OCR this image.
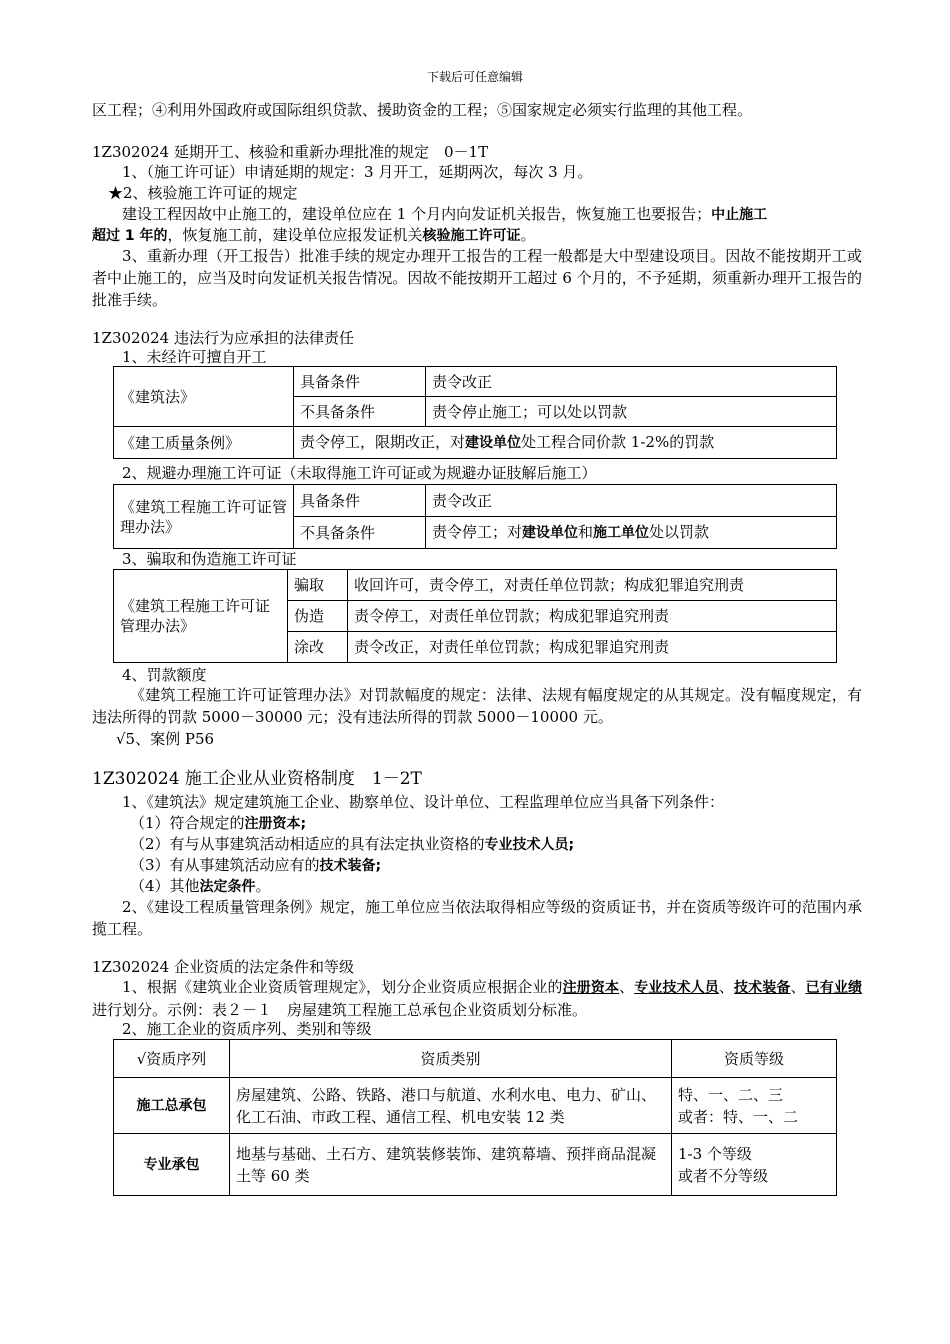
下载后可任意编辑
区工程；④利用外国政府或国际组织贷款、援助资金的工程；⑤国家规定必须实行监理的其他工程。
1Z302024 延期开工、核验和重新办理批准的规定　0－1T
1、（施工许可证）申请延期的规定：3 月开工，延期两次，每次 3 月。
★2、核验施工许可证的规定
建设工程因故中止施工的，建设单位应在 1 个月内向发证机关报告，恢复施工也要报告；中止施工
超过 1 年的，恢复施工前，建设单位应报发证机关核验施工许可证。
3、重新办理（开工报告）批准手续的规定办理开工报告的工程一般都是大中型建设项目。因故不能按期开工或者中止施工的，应当及时向发证机关报告情况。因故不能按期开工超过 6 个月的，不予延期，须重新办理开工报告的批准手续。
1Z302024 违法行为应承担的法律责任
1、未经许可擅自开工
《建筑法》	具备条件	责令改正
	不具备条件	责令停止施工；可以处以罚款
《建工质量条例》	责令停工，限期改正，对建设单位处工程合同价款 1-2%的罚款	
2、规避办理施工许可证（未取得施工许可证或为规避办证肢解后施工）
《建筑工程施工许可证管理办法》	具备条件	责令改正
	不具备条件	责令停工；对建设单位和施工单位处以罚款
3、骗取和伪造施工许可证
《建筑工程施工许可证管理办法》	骗取	收回许可，责令停工，对责任单位罚款；构成犯罪追究刑责
	伪造	责令停工，对责任单位罚款；构成犯罪追究刑责
	涂改	责令改正，对责任单位罚款；构成犯罪追究刑责
4、罚款额度
《建筑工程施工许可证管理办法》对罚款幅度的规定：法律、法规有幅度规定的从其规定。没有幅度规定，有违法所得的罚款 5000－30000 元；没有违法所得的罚款 5000－10000 元。
√5、案例 P56
1Z302024 施工企业从业资格制度　1－2T
1、《建筑法》规定建筑施工企业、勘察单位、设计单位、工程监理单位应当具备下列条件：
（1）符合规定的注册资本;
（2）有与从事建筑活动相适应的具有法定执业资格的专业技术人员;
（3）有从事建筑活动应有的技术装备;
（4）其他法定条件。
2、《建设工程质量管理条例》规定，施工单位应当依法取得相应等级的资质证书，并在资质等级许可的范围内承揽工程。
1Z302024 企业资质的法定条件和等级
1、根据《建筑业企业资质管理规定》，划分企业资质应根据企业的注册资本、专业技术人员、技术装备、已有业绩进行划分。示例：表２－１　房屋建筑工程施工总承包企业资质划分标准。
2、施工企业的资质序列、类别和等级
√资质序列	资质类别	资质等级
施工总承包	房屋建筑、公路、铁路、港口与航道、水利水电、电力、矿山、化工石油、市政工程、通信工程、机电安装 12 类	特、一、二、三
或者：特、一、二

专业承包	地基与基础、土石方、建筑装修装饰、建筑幕墙、预拌商品混凝土等 60 类	1-3 个等级
或者不分等级
